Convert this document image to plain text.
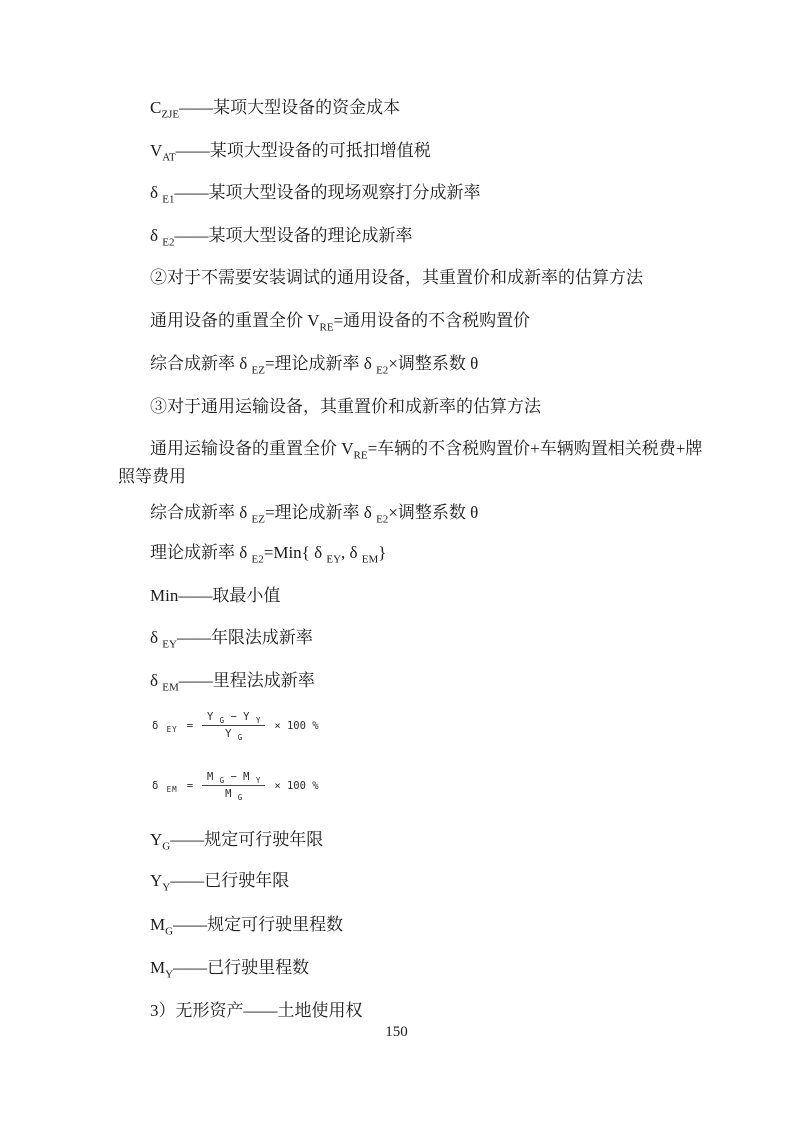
$C_{ZJE}——$某项大型设备的资金成本
$V_{AT}——$某项大型设备的可抵扣增值税
δ $_{E1}$——某项大型设备的现场观察打分成新率
δ $_{E2}$——某项大型设备的理论成新率
②对于不需要安装调试的通用设备，其重置价和成新率的估算方法
通用设备的重置全价 $V_{RE}=$通用设备的不含税购置价
综合成新率 δ $_{EZ}$=理论成新率 δ $_{E2}$×调整系数 θ
③对于通用运输设备，其重置价和成新率的估算方法
通用运输设备的重置全价 $V_{RE}=$车辆的不含税购置价+车辆购置相关税费+牌
照等费用
综合成新率 δ $_{EZ}$=理论成新率 δ $_{E2}$×调整系数 θ
理论成新率 δ $_{E2}$=Min{ δ $_{EY}$, δ $_{EM}$}
Min——取最小值
δ $_{EY}$——年限法成新率
δ $_{EM}$——里程法成新率
δ $_{EY} = \frac{Y _G - Y _Y}{Y _G} \times 100$ %
δ $_{EM} = \frac{M _G - M _Y}{M _G} \times 100$ %
$Y_G——$规定可行驶年限
$Y_Y——$已行驶年限
$M_G——$规定可行驶里程数
$M_Y——$已行驶里程数
3）无形资产——土地使用权
150
